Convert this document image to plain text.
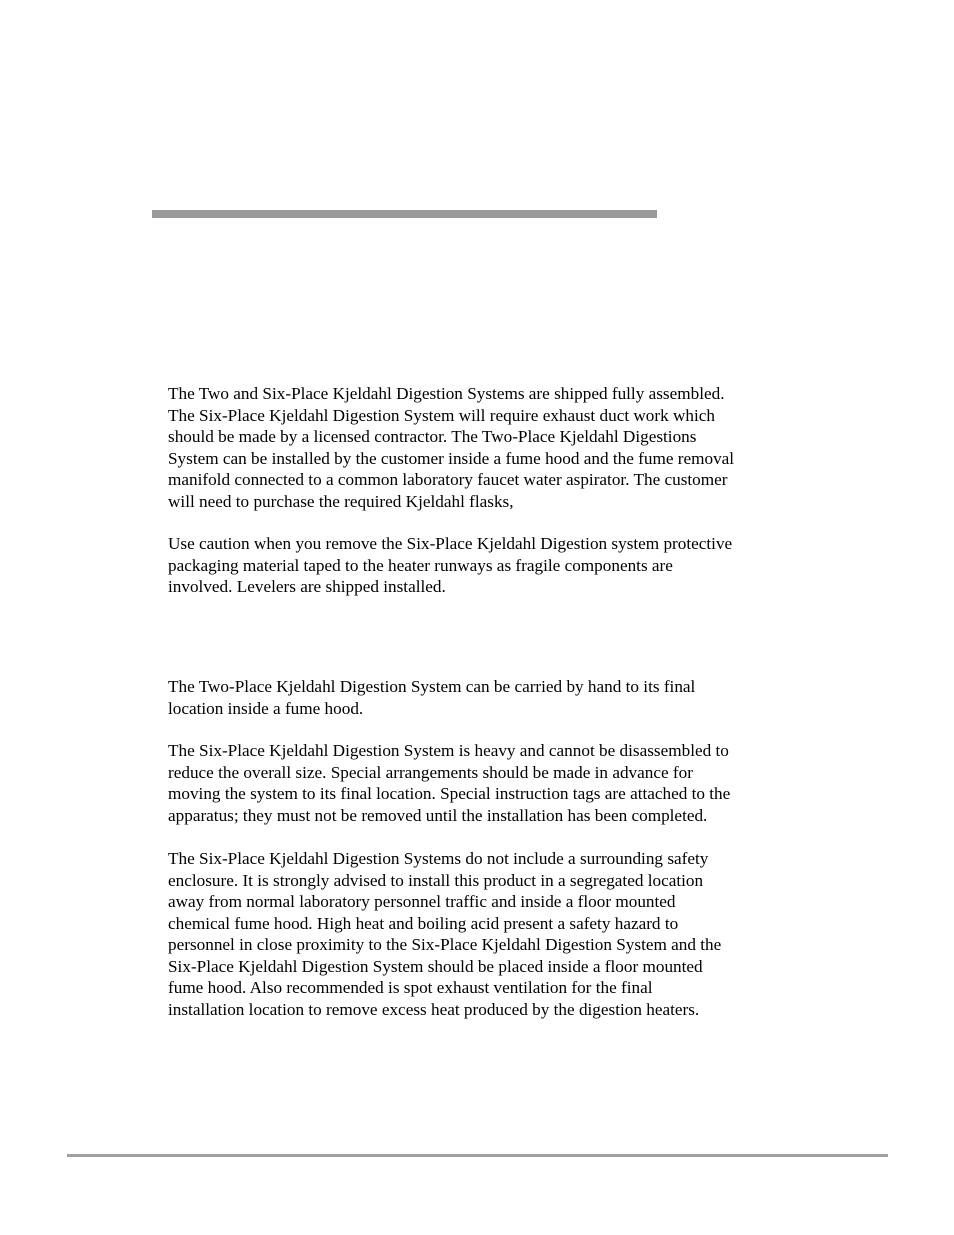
The Two and Six-Place Kjeldahl Digestion Systems are shipped fully assembled.
The Six-Place Kjeldahl Digestion System will require exhaust duct work which
should be made by a licensed contractor. The Two-Place Kjeldahl Digestions
System can be installed by the customer inside a fume hood and the fume removal
manifold connected to a common laboratory faucet water aspirator. The customer
will need to purchase the required Kjeldahl flasks,

Use caution when you remove the Six-Place Kjeldahl Digestion system protective
packaging material taped to the heater runways as fragile components are
involved. Levelers are shipped installed.

The Two-Place Kjeldahl Digestion System can be carried by hand to its final
location inside a fume hood.

The Six-Place Kjeldahl Digestion System is heavy and cannot be disassembled to
reduce the overall size. Special arrangements should be made in advance for
moving the system to its final location. Special instruction tags are attached to the
apparatus; they must not be removed until the installation has been completed.

The Six-Place Kjeldahl Digestion Systems do not include a surrounding safety
enclosure. It is strongly advised to install this product in a segregated location
away from normal laboratory personnel traffic and inside a floor mounted
chemical fume hood. High heat and boiling acid present a safety hazard to
personnel in close proximity to the Six-Place Kjeldahl Digestion System and the
Six-Place Kjeldahl Digestion System should be placed inside a floor mounted
fume hood. Also recommended is spot exhaust ventilation for the final
installation location to remove excess heat produced by the digestion heaters.
